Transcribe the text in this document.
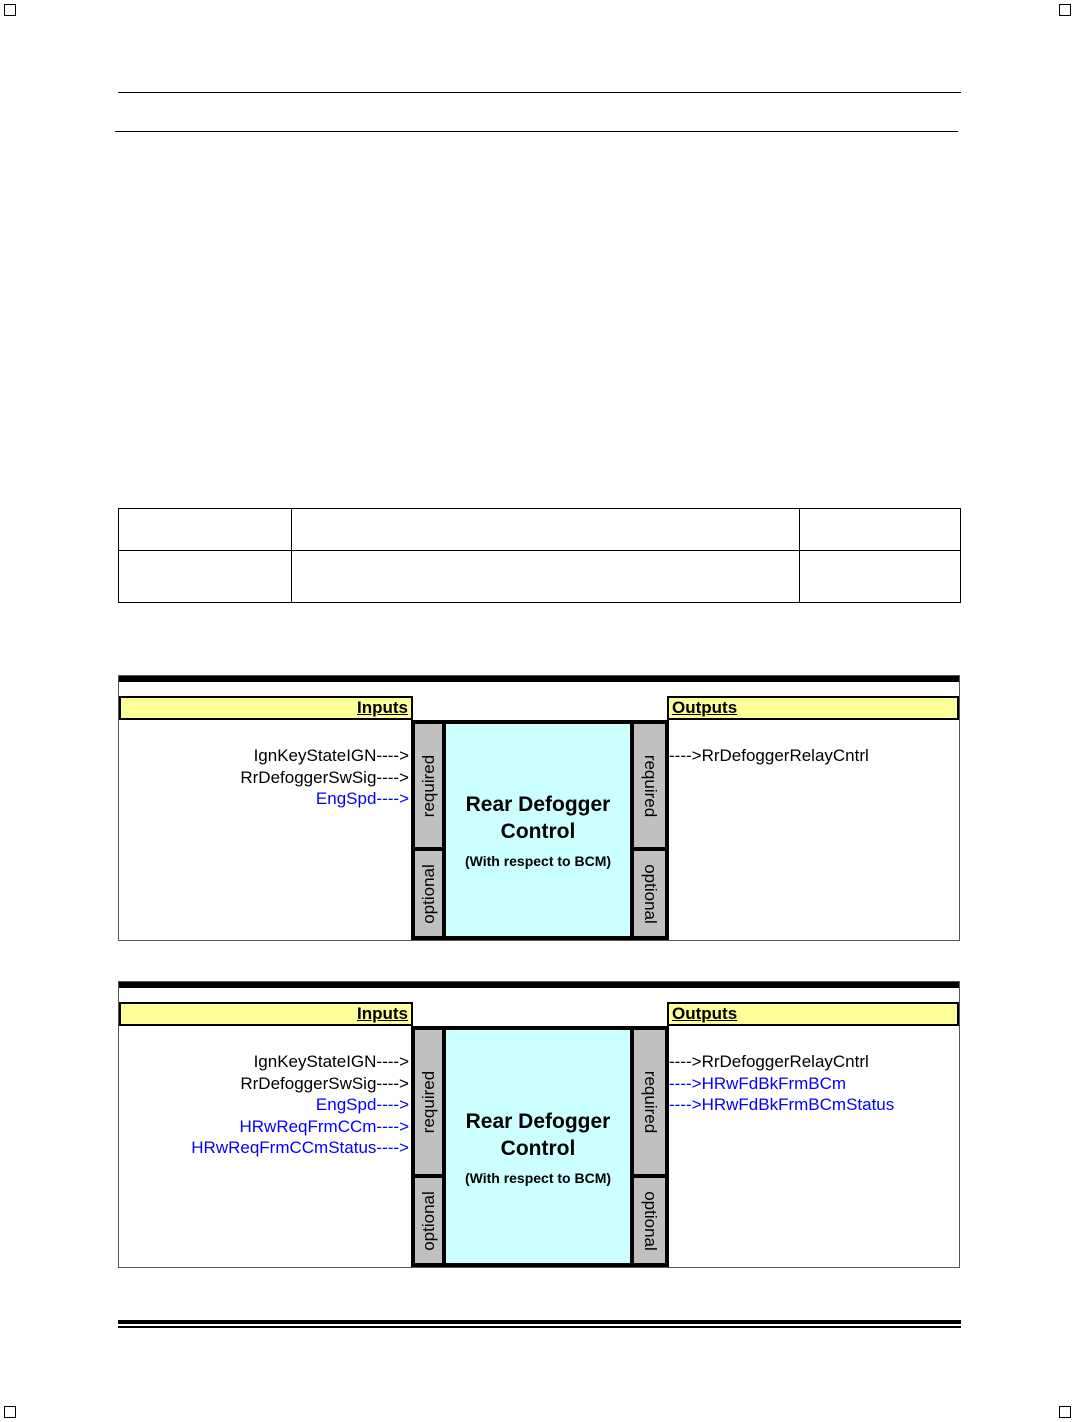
Inputs	Outputs
required
optional
Rear Defogger
Control
(With respect to BCM)
required
optional
IgnKeyStateIGN---->
RrDefoggerSwSig---->
EngSpd---->
---->RrDefoggerRelayCntrl
Inputs	Outputs
required
optional
Rear Defogger
Control
(With respect to BCM)
required
optional
IgnKeyStateIGN---->
RrDefoggerSwSig---->
EngSpd---->
HRwReqFrmCCm---->
HRwReqFrmCCmStatus---->
---->RrDefoggerRelayCntrl
---->HRwFdBkFrmBCm
---->HRwFdBkFrmBCmStatus
